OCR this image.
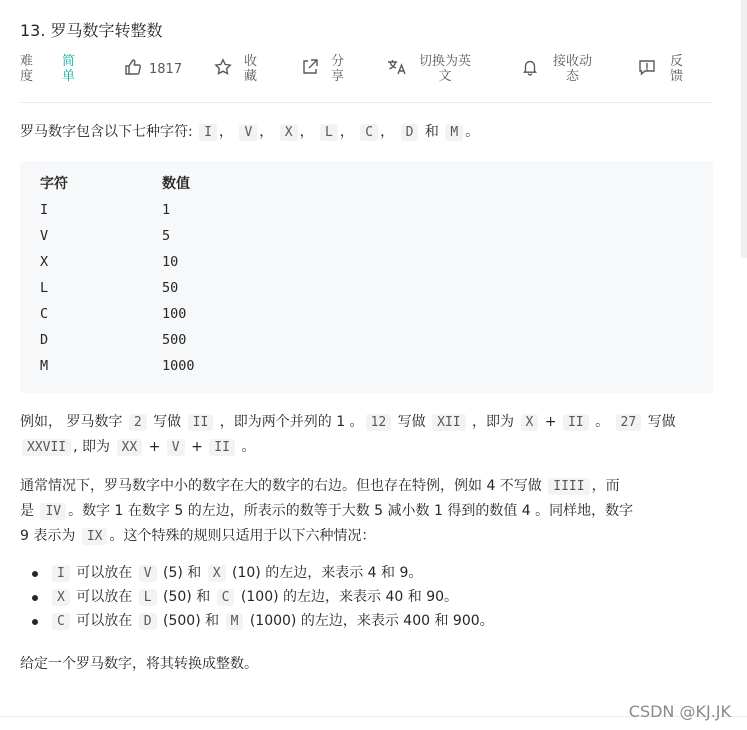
13. 罗马数字转整数
难
度
简
单	1817	收
藏
分
享
切换为英
文
接收动
态
反
馈
罗马数字包含以下七种字符: I ， V ， X ， L ， C ， D 和 M 。
字符	数值
I	1
V	5
X	10
L	50
C	100
D	500
M	1000
例如， 罗马数字 2 写做 II ，即为两个并列的 1 。 12 写做 XII ，即为 X + II 。 27 写做
XXVII , 即为 XX + V + II 。
通常情况下，罗马数字中小的数字在大的数字的右边。但也存在特例，例如 4 不写做 IIII ，而
是 IV 。数字 1 在数字 5 的左边，所表示的数等于大数 5 减小数 1 得到的数值 4 。同样地，数字
9 表示为 IX 。这个特殊的规则只适用于以下六种情况：
I 可以放在 V (5) 和 X (10) 的左边，来表示 4 和 9。
X 可以放在 L (50) 和 C (100) 的左边，来表示 40 和 90。
C 可以放在 D (500) 和 M (1000) 的左边，来表示 400 和 900。
给定一个罗马数字，将其转换成整数。
CSDN @KJ.JK
